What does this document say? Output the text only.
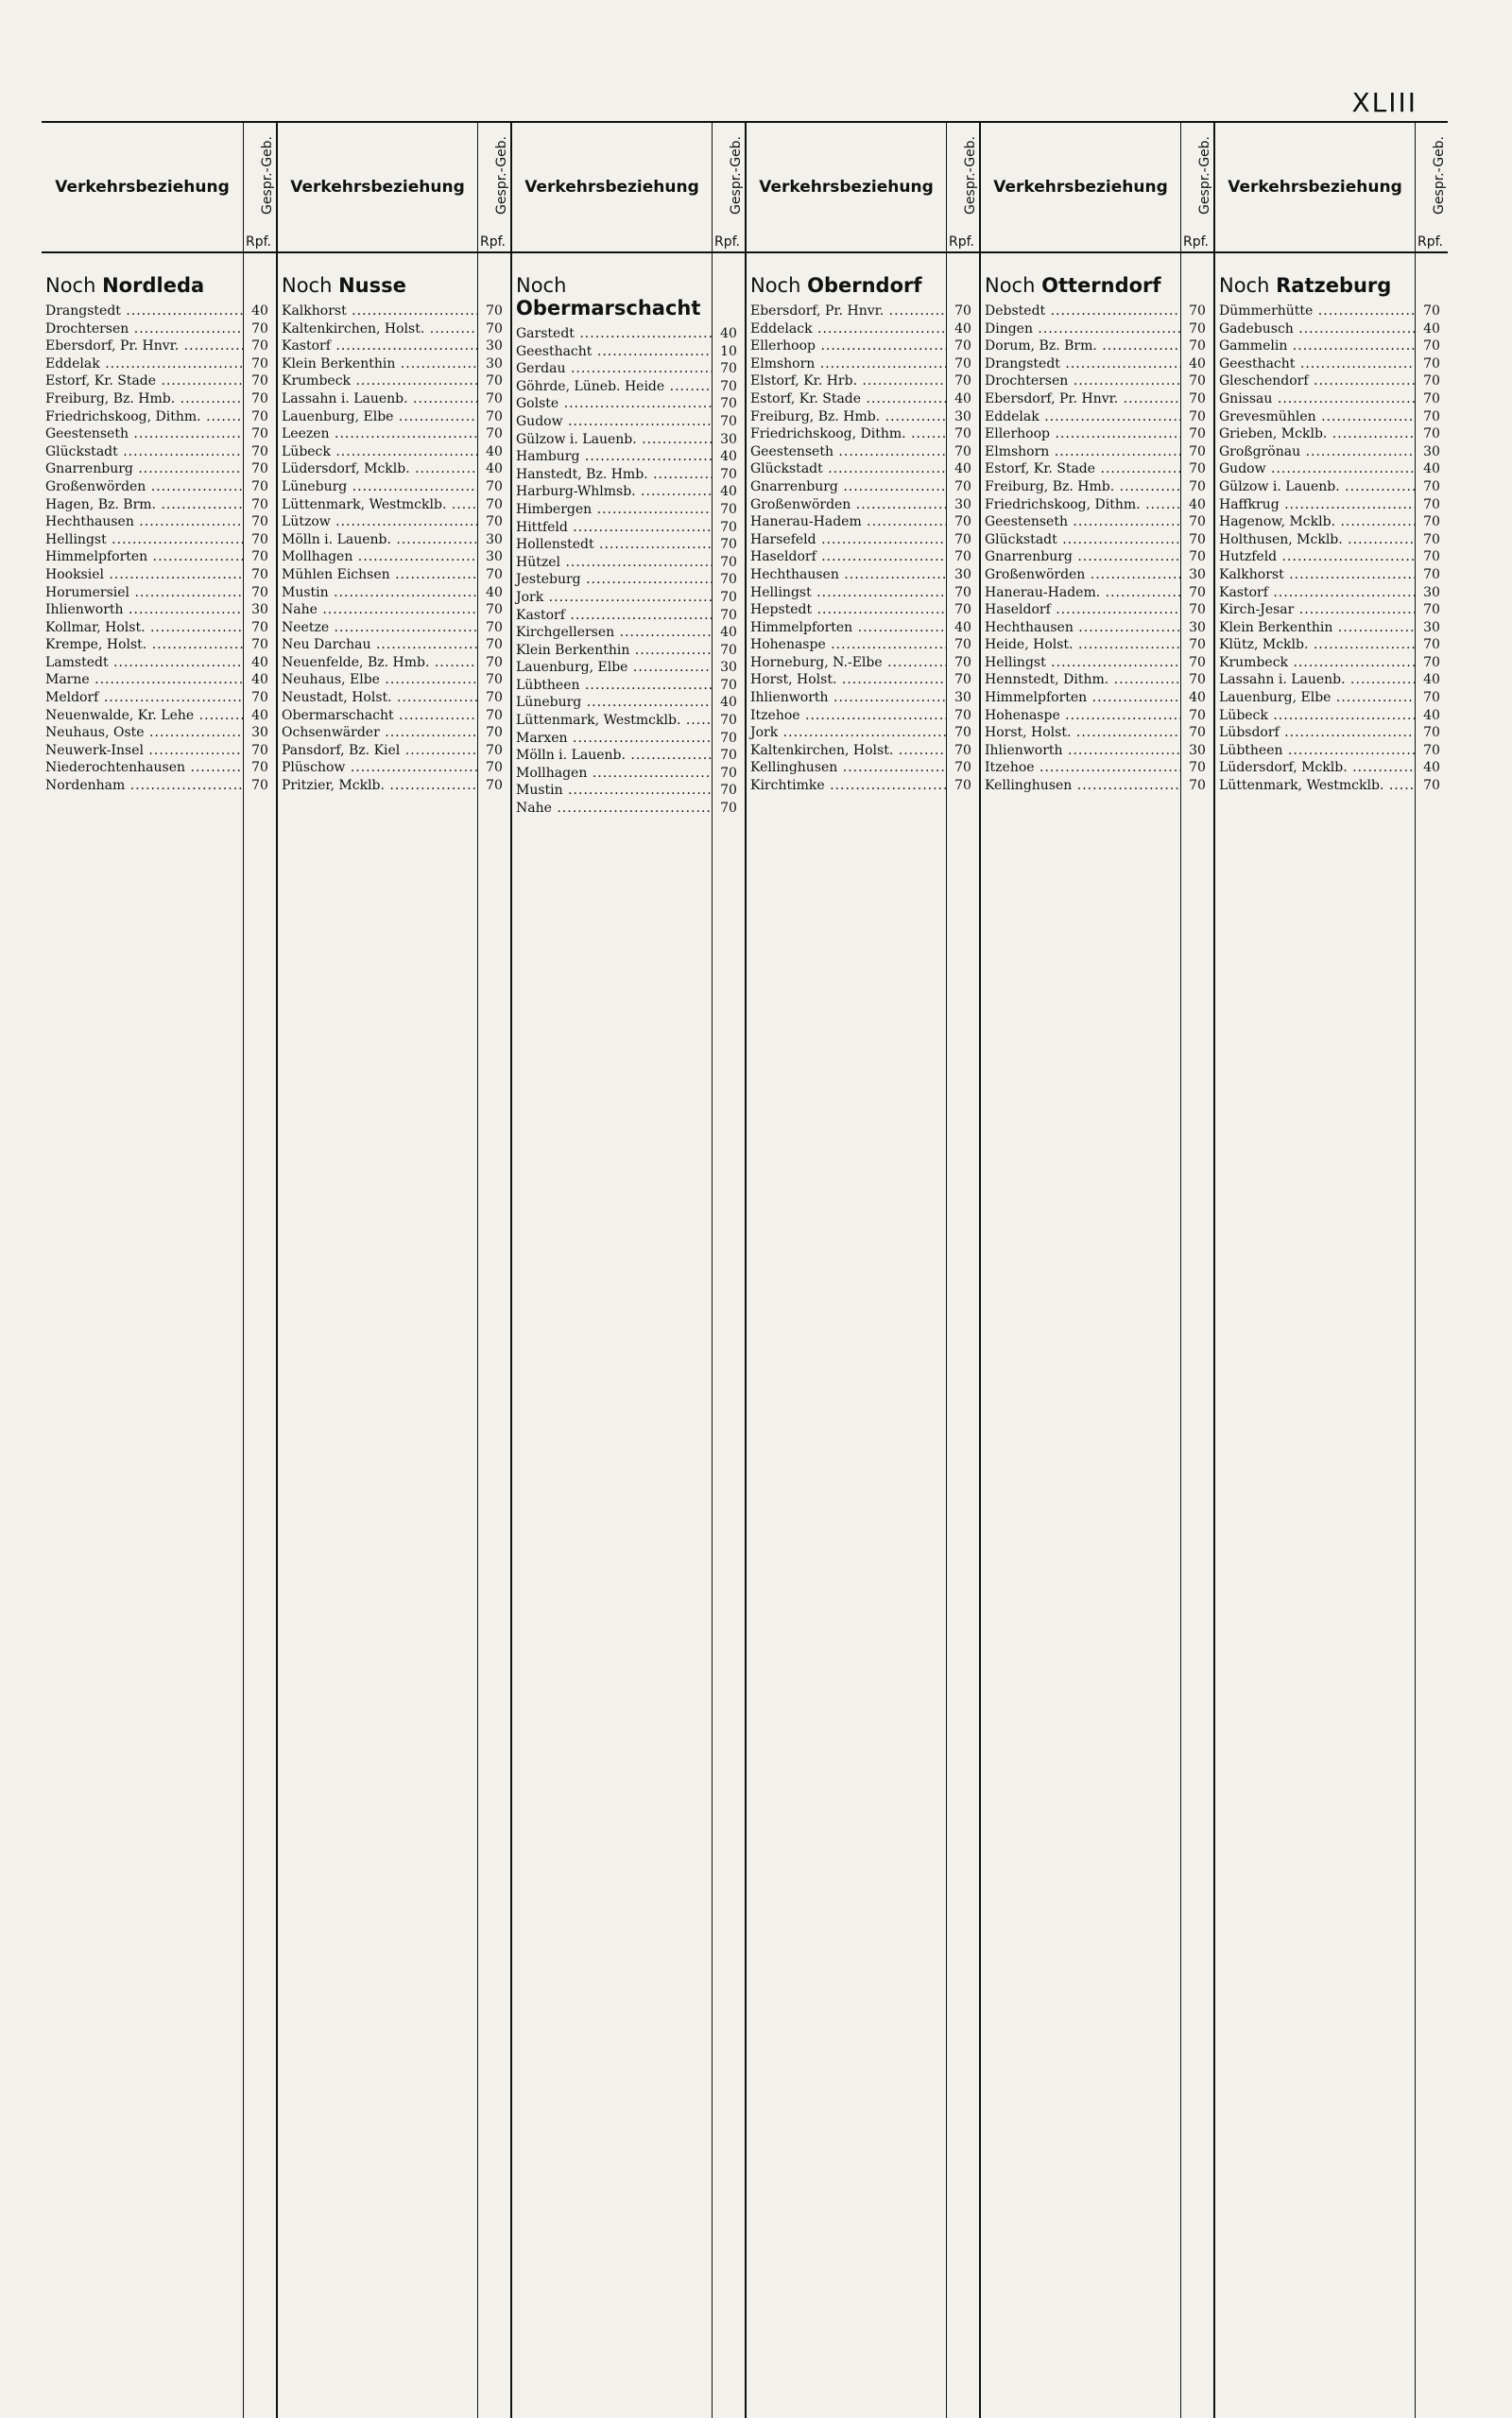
XLIII
Verkehrsbeziehung	Gespr.-Geb.
Rpf.
Verkehrsbeziehung	Gespr.-Geb.
Rpf.
Verkehrsbeziehung	Gespr.-Geb.
Rpf.
Verkehrsbeziehung	Gespr.-Geb.
Rpf.
Verkehrsbeziehung	Gespr.-Geb.
Rpf.
Verkehrsbeziehung	Gespr.-Geb.
Rpf.
Noch Nordleda
Drangstedt .....	40
Drochtersen .....	70
Ebersdorf, Pr. Hnvr. .....	70
Eddelak .....	70
Estorf, Kr. Stade .....	70
Freiburg, Bz. Hmb. .....	70
Friedrichskoog, Dithm. .....	70
Geestenseth .....	70
Glückstadt .....	70
Gnarrenburg .....	70
Großenwörden .....	70
Hagen, Bz. Brm. .....	70
Hechthausen .....	70
Hellingst .....	70
Himmelpforten .....	70
Hooksiel .....	70
Horumersiel .....	70
Ihlienworth .....	30
Kollmar, Holst. .....	70
Krempe, Holst. .....	70
Lamstedt .....	40
Marne .....	40
Meldorf .....	70
Neuenwalde, Kr. Lehe .....	40
Neuhaus, Oste .....	30
Neuwerk-Insel .....	70
Niederochtenhausen .....	70
Nordenham .....	70
Noch Nusse
Kalkhorst .....	70
Kaltenkirchen, Holst. .....	70
Kastorf .....	30
Klein Berkenthin .....	30
Krumbeck .....	70
Lassahn i. Lauenb. .....	70
Lauenburg, Elbe .....	70
Leezen .....	70
Lübeck .....	40
Lüdersdorf, Mcklb. .....	40
Lüneburg .....	70
Lüttenmark, Westmcklb. .....	70
Lützow .....	70
Mölln i. Lauenb. .....	30
Mollhagen .....	30
Mühlen Eichsen .....	70
Mustin .....	40
Nahe .....	70
Neetze .....	70
Neu Darchau .....	70
Neuenfelde, Bz. Hmb. .....	70
Neuhaus, Elbe .....	70
Neustadt, Holst. .....	70
Obermarschacht .....	70
Ochsenwärder .....	70
Pansdorf, Bz. Kiel .....	70
Plüschow .....	70
Pritzier, Mcklb. .....	70
Noch Obermarschacht
Garstedt .....	40
Geesthacht .....	10
Gerdau .....	70
Göhrde, Lüneb. Heide .....	70
Golste .....	70
Gudow .....	70
Gülzow i. Lauenb. .....	30
Hamburg .....	40
Hanstedt, Bz. Hmb. .....	70
Harburg-Whlmsb. .....	40
Himbergen .....	70
Hittfeld .....	70
Hollenstedt .....	70
Hützel .....	70
Jesteburg .....	70
Jork .....	70
Kastorf .....	70
Kirchgellersen .....	40
Klein Berkenthin .....	70
Lauenburg, Elbe .....	30
Lübtheen .....	70
Lüneburg .....	40
Lüttenmark, Westmcklb. .....	70
Marxen .....	70
Mölln i. Lauenb. .....	70
Mollhagen .....	70
Mustin .....	70
Nahe .....	70
Noch Oberndorf
Ebersdorf, Pr. Hnvr. .....	70
Eddelack .....	40
Ellerhoop .....	70
Elmshorn .....	70
Elstorf, Kr. Hrb. .....	70
Estorf, Kr. Stade .....	40
Freiburg, Bz. Hmb. .....	30
Friedrichskoog, Dithm. .....	70
Geestenseth .....	70
Glückstadt .....	40
Gnarrenburg .....	70
Großenwörden .....	30
Hanerau-Hadem .....	70
Harsefeld .....	70
Haseldorf .....	70
Hechthausen .....	30
Hellingst .....	70
Hepstedt .....	70
Himmelpforten .....	40
Hohenaspe .....	70
Horneburg, N.-Elbe .....	70
Horst, Holst. .....	70
Ihlienworth .....	30
Itzehoe .....	70
Jork .....	70
Kaltenkirchen, Holst. .....	70
Kellinghusen .....	70
Kirchtimke .....	70
Noch Otterndorf
Debstedt .....	70
Dingen .....	70
Dorum, Bz. Brm. .....	70
Drangstedt .....	40
Drochtersen .....	70
Ebersdorf, Pr. Hnvr. .....	70
Eddelak .....	70
Ellerhoop .....	70
Elmshorn .....	70
Estorf, Kr. Stade .....	70
Freiburg, Bz. Hmb. .....	70
Friedrichskoog, Dithm. .....	40
Geestenseth .....	70
Glückstadt .....	70
Gnarrenburg .....	70
Großenwörden .....	30
Hanerau-Hadem. .....	70
Haseldorf .....	70
Hechthausen .....	30
Heide, Holst. .....	70
Hellingst .....	70
Hennstedt, Dithm. .....	70
Himmelpforten .....	40
Hohenaspe .....	70
Horst, Holst. .....	70
Ihlienworth .....	30
Itzehoe .....	70
Kellinghusen .....	70
Noch Ratzeburg
Dümmerhütte .....	70
Gadebusch .....	40
Gammelin .....	70
Geesthacht .....	70
Gleschendorf .....	70
Gnissau .....	70
Grevesmühlen .....	70
Grieben, Mcklb. .....	70
Großgrönau .....	30
Gudow .....	40
Gülzow i. Lauenb. .....	70
Haffkrug .....	70
Hagenow, Mcklb. .....	70
Holthusen, Mcklb. .....	70
Hutzfeld .....	70
Kalkhorst .....	70
Kastorf .....	30
Kirch-Jesar .....	70
Klein Berkenthin .....	30
Klütz, Mcklb. .....	70
Krumbeck .....	70
Lassahn i. Lauenb. .....	40
Lauenburg, Elbe .....	70
Lübeck .....	40
Lübsdorf .....	70
Lübtheen .....	70
Lüdersdorf, Mcklb. .....	40
Lüttenmark, Westmcklb. .....	70
